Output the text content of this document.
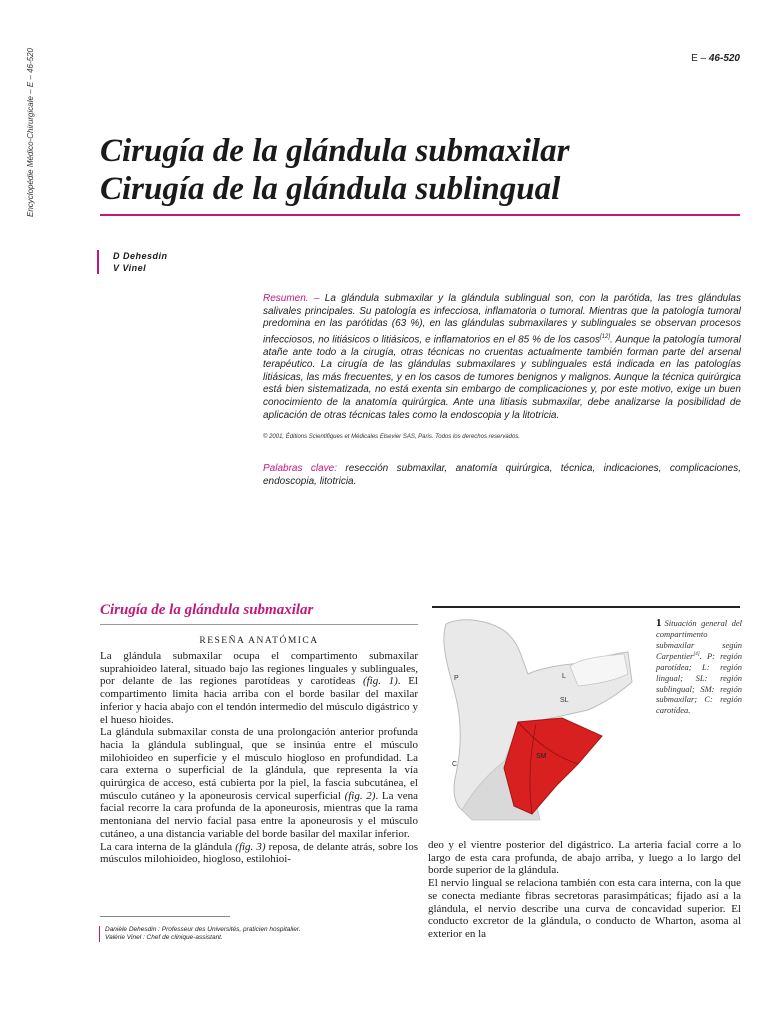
Encyclopédie Médico-Chirurgicale – E – 46-520	E – 46-520
Cirugía de la glándula submaxilar
Cirugía de la glándula sublingual
D Dehesdin
V Vinel
Resumen. – La glándula submaxilar y la glándula sublingual son, con la parótida, las tres glándulas salivales principales. Su patología es infecciosa, inflamatoria o tumoral. Mientras que la patología tumoral predomina en las parótidas (63 %), en las glándulas submaxilares y sublinguales se observan procesos infecciosos, no litiásicos o litiásicos, e inflamatorios en el 85 % de los casos[12]. Aunque la patología tumoral atañe ante todo a la cirugía, otras técnicas no cruentas actualmente también forman parte del arsenal terapéutico. La cirugía de las glándulas submaxilares y sublinguales está indicada en las patologías litiásicas, las más frecuentes, y en los casos de tumores benignos y malignos. Aunque la técnica quirúrgica está bien sistematizada, no está exenta sin embargo de complicaciones y, por este motivo, exige un buen conocimiento de la anatomía quirúrgica. Ante una litiasis submaxilar, debe analizarse la posibilidad de aplicación de otras técnicas tales como la endoscopia y la litotricia.
© 2001, Éditions Scientifiques et Médicales Elsevier SAS, Paris. Todos los derechos reservados.
Palabras clave: resección submaxilar, anatomía quirúrgica, técnica, indicaciones, complicaciones, endoscopia, litotricia.
Cirugía de la glándula submaxilar
RESEÑA ANATÓMICA

La glándula submaxilar ocupa el compartimento submaxilar suprahioideo lateral, situado bajo las regiones linguales y sublinguales, por delante de las regiones parotídeas y carotídeas (fig. 1). El compartimento limita hacia arriba con el borde basilar del maxilar inferior y hacia abajo con el tendón intermedio del músculo digástrico y el hueso hioides.

La glándula submaxilar consta de una prolongación anterior profunda hacia la glándula sublingual, que se insinúa entre el músculo milohioideo en superficie y el músculo hiogloso en profundidad. La cara externa o superficial de la glándula, que representa la vía quirúrgica de acceso, está cubierta por la piel, la fascia subcutánea, el músculo cutáneo y la aponeurosis cervical superficial (fig. 2). La vena facial recorre la cara profunda de la aponeurosis, mientras que la rama mentoniana del nervio facial pasa entre la aponeurosis y el músculo cutáneo, a una distancia variable del borde basilar del maxilar inferior.

La cara interna de la glándula (fig. 3) reposa, de delante atrás, sobre los músculos milohioideo, hiogloso, estilohioi-

Danièle Dehesdin : Professeur des Universités, praticien hospitalier.
Valérie Vinel : Chef de clinique-assistant.
P	L
SL
SM
C
1 Situación general del compartimento submaxilar según Carpentier[4]. P: región parotídea; L: región lingual; SL: región sublingual; SM: región submaxilar; C: región carotídea.

deo y el vientre posterior del digástrico. La arteria facial corre a lo largo de esta cara profunda, de abajo arriba, y luego a lo largo del borde superior de la glándula.

El nervio lingual se relaciona también con esta cara interna, con la que se conecta mediante fibras secretoras parasimpáticas; fijado así a la glándula, el nervio describe una curva de concavidad superior. El conducto excretor de la glándula, o conducto de Wharton, asoma al exterior en la
